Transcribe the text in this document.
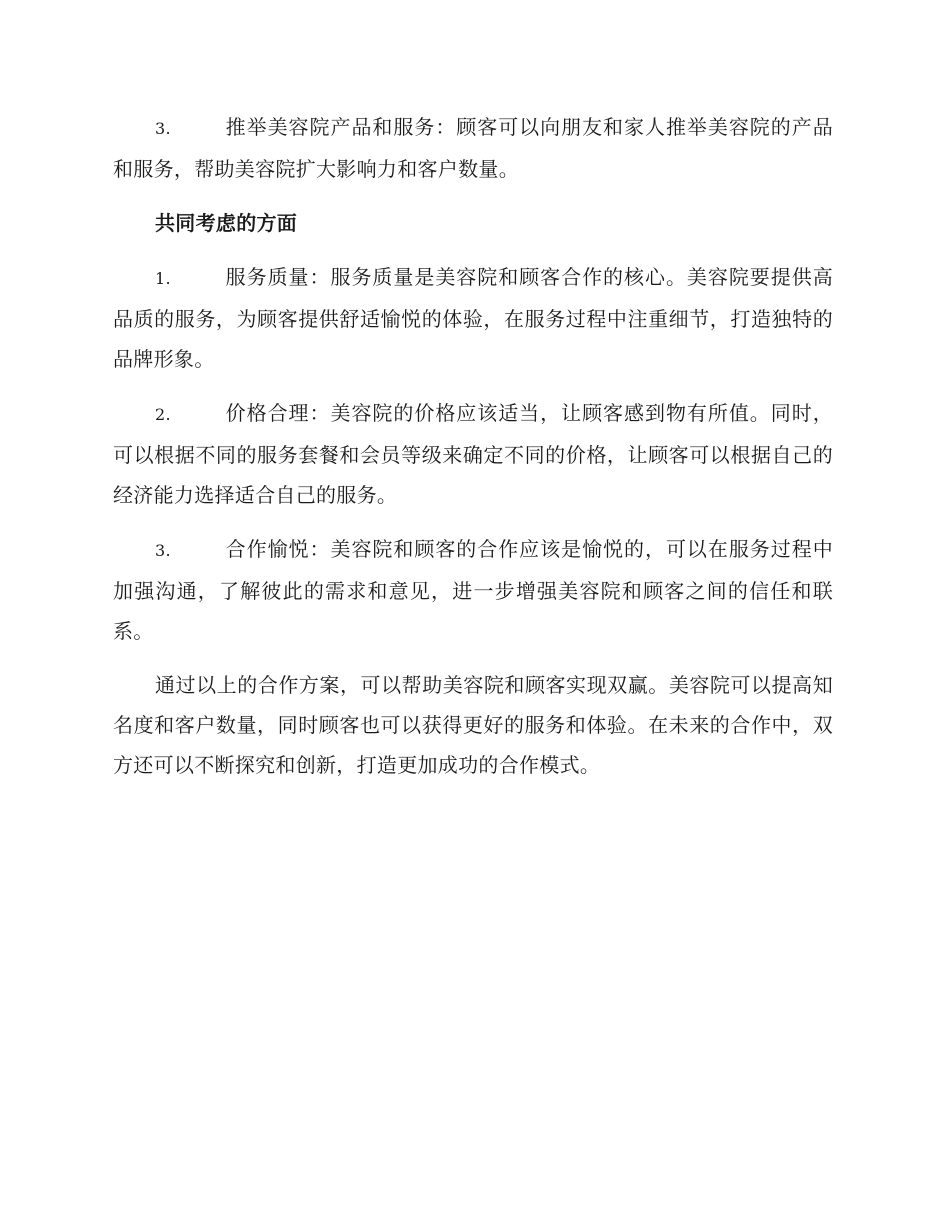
3.	推举美容院产品和服务：顾客可以向朋友和家人推举美容院的产品和服务，帮助美容院扩大影响力和客户数量。

共同考虑的方面

1.	服务质量：服务质量是美容院和顾客合作的核心。美容院要提供高品质的服务，为顾客提供舒适愉悦的体验，在服务过程中注重细节，打造独特的品牌形象。

2.	价格合理：美容院的价格应该适当，让顾客感到物有所值。同时，可以根据不同的服务套餐和会员等级来确定不同的价格，让顾客可以根据自己的经济能力选择适合自己的服务。

3.	合作愉悦：美容院和顾客的合作应该是愉悦的，可以在服务过程中加强沟通，了解彼此的需求和意见，进一步增强美容院和顾客之间的信任和联系。

通过以上的合作方案，可以帮助美容院和顾客实现双赢。美容院可以提高知名度和客户数量，同时顾客也可以获得更好的服务和体验。在未来的合作中，双方还可以不断探究和创新，打造更加成功的合作模式。
